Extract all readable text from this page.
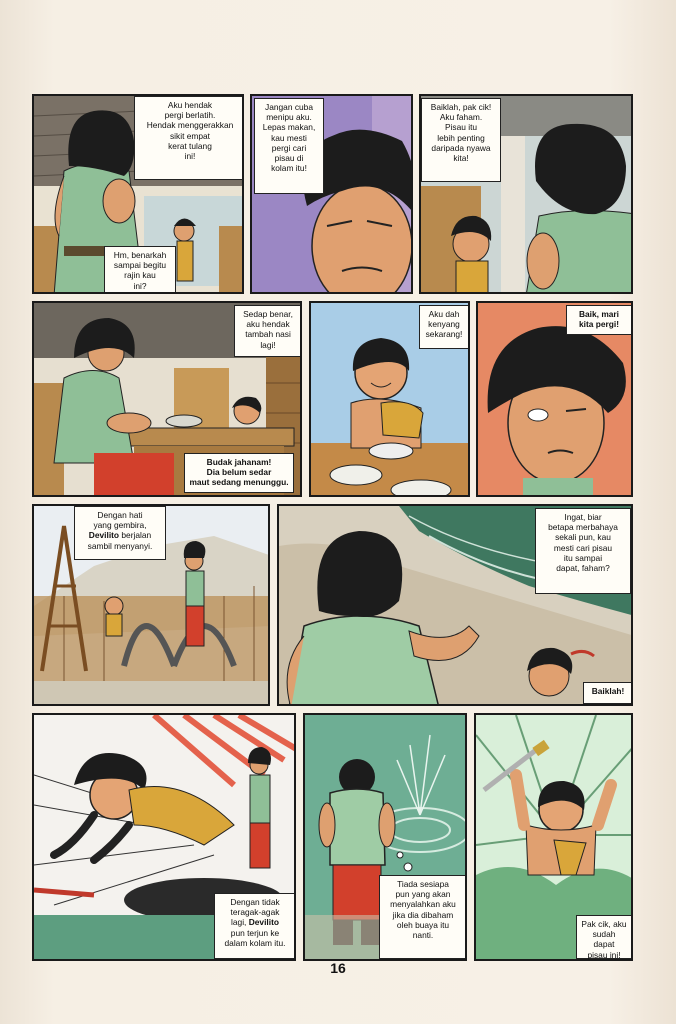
Aku hendak
pergi berlatih.
Hendak menggerakkan
sikit empat
kerat tulang
ini!
Hm, benarkah
sampai begitu
rajin kau
ini?
Jangan cuba
menipu aku.
Lepas makan,
kau mesti
pergi cari
pisau di
kolam itu!
Baiklah, pak cik!
Aku faham.
Pisau itu
lebih penting
daripada nyawa
kita!
Sedap benar,
aku hendak
tambah nasi
lagi!
Budak jahanam!
Dia belum sedar
maut sedang menunggu.
Aku dah
kenyang
sekarang!
Baik, mari
kita pergi!
Dengan hati
yang gembira,
Devilito berjalan
sambil menyanyi.
Ingat, biar
betapa merbahaya
sekali pun, kau
mesti cari pisau
itu sampai
dapat, faham?
Baiklah!
Dengan tidak
teragak-agak
lagi, Devilito
pun terjun ke
dalam kolam itu.
Tiada sesiapa
pun yang akan
menyalahkan aku
jika dia dibaham
oleh buaya itu
nanti.
Pak cik, aku
sudah dapat
pisau ini!
16
